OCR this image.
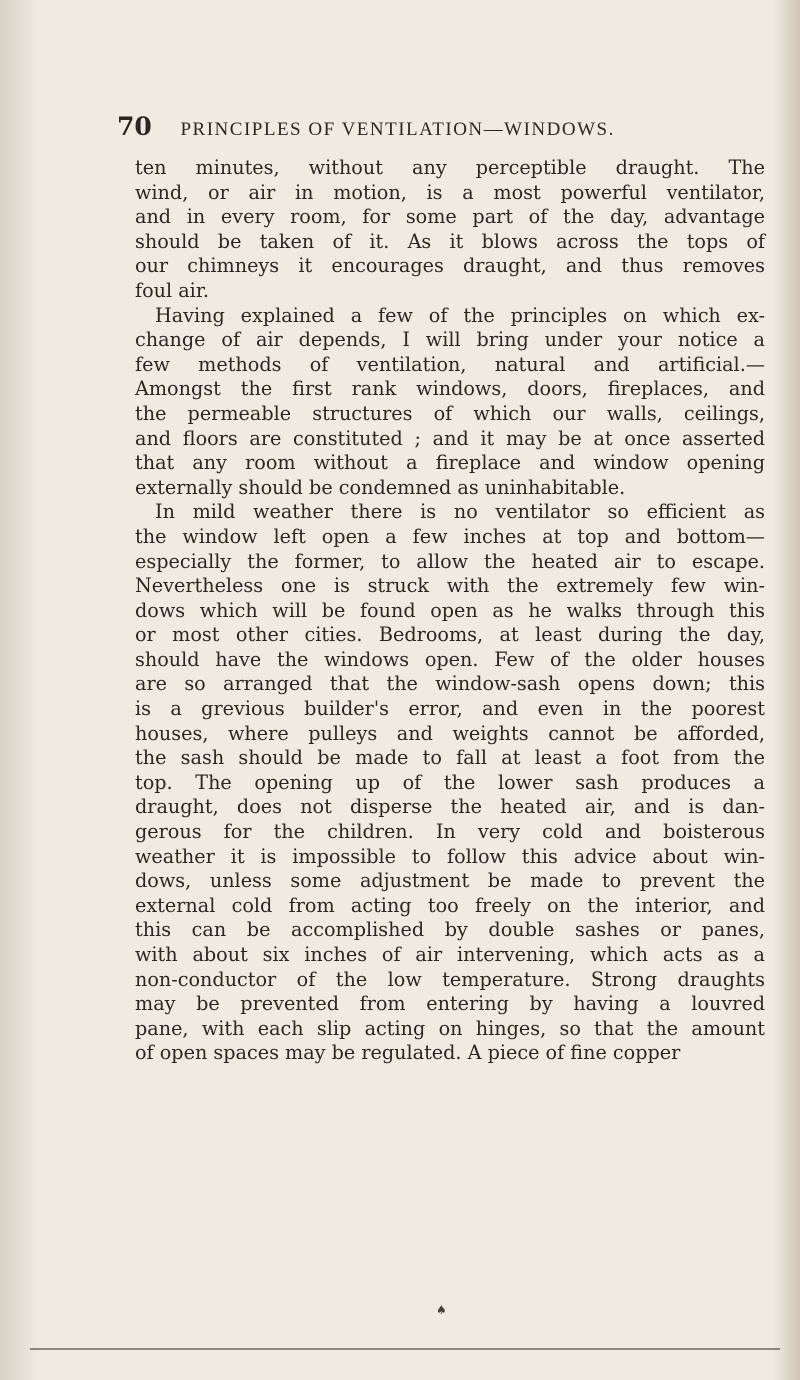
70 PRINCIPLES OF VENTILATION—WINDOWS.
ten minutes, without any perceptible draught. The
wind, or air in motion, is a most powerful ventilator,
and in every room, for some part of the day, advantage
should be taken of it. As it blows across the tops of
our chimneys it encourages draught, and thus removes
foul air.
Having explained a few of the principles on which ex-
change of air depends, I will bring under your notice a
few methods of ventilation, natural and artificial.—
Amongst the first rank windows, doors, fireplaces, and
the permeable structures of which our walls, ceilings,
and floors are constituted ; and it may be at once asserted
that any room without a fireplace and window opening
externally should be condemned as uninhabitable.
In mild weather there is no ventilator so efficient as
the window left open a few inches at top and bottom—
especially the former, to allow the heated air to escape.
Nevertheless one is struck with the extremely few win-
dows which will be found open as he walks through this
or most other cities. Bedrooms, at least during the day,
should have the windows open. Few of the older houses
are so arranged that the window-sash opens down; this
is a grevious builder's error, and even in the poorest
houses, where pulleys and weights cannot be afforded,
the sash should be made to fall at least a foot from the
top. The opening up of the lower sash produces a
draught, does not disperse the heated air, and is dan-
gerous for the children. In very cold and boisterous
weather it is impossible to follow this advice about win-
dows, unless some adjustment be made to prevent the
external cold from acting too freely on the interior, and
this can be accomplished by double sashes or panes,
with about six inches of air intervening, which acts as a
non-conductor of the low temperature. Strong draughts
may be prevented from entering by having a louvred
pane, with each slip acting on hinges, so that the amount
of open spaces may be regulated. A piece of fine copper
♠
